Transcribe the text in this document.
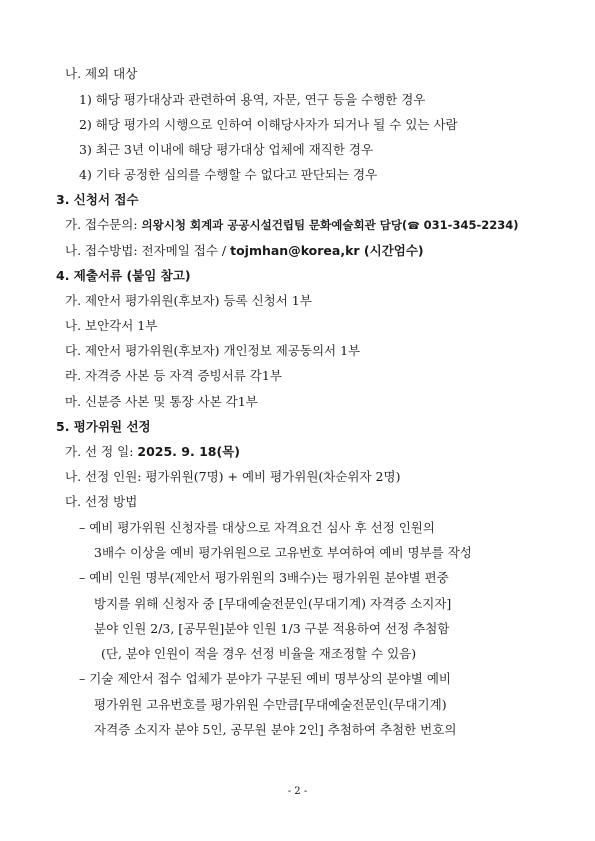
나. 제외 대상
1) 해당 평가대상과 관련하여 용역, 자문, 연구 등을 수행한 경우
2) 해당 평가의 시행으로 인하여 이해당사자가 되거나 될 수 있는 사람
3) 최근 3년 이내에 해당 평가대상 업체에 재직한 경우
4) 기타 공정한 심의를 수행할 수 없다고 판단되는 경우
3. 신청서 접수
가. 접수문의: 의왕시청 회계과 공공시설건립팀 문화예술회관 담당(☎ 031-345-2234)
나. 접수방법: 전자메일 접수 / tojmhan@korea,kr (시간엄수)
4. 제출서류 (붙임 참고)
가. 제안서 평가위원(후보자) 등록 신청서 1부
나. 보안각서 1부
다. 제안서 평가위원(후보자) 개인정보 제공동의서 1부
라. 자격증 사본 등 자격 증빙서류 각1부
마. 신분증 사본 및 통장 사본 각1부
5. 평가위원 선정
가. 선 정 일: 2025. 9. 18(목)
나. 선정 인원: 평가위원(7명) + 예비 평가위원(차순위자 2명)
다. 선정 방법
– 예비 평가위원 신청자를 대상으로 자격요건 심사 후 선정 인원의
3배수 이상을 예비 평가위원으로 고유번호 부여하여 예비 명부를 작성
– 예비 인원 명부(제안서 평가위원의 3배수)는 평가위원 분야별 편중
방지를 위해 신청자 중 [무대예술전문인(무대기계) 자격증 소지자]
분야 인원 2/3, [공무원]분야 인원 1/3 구분 적용하여 선정 추첨함
(단, 분야 인원이 적을 경우 선정 비율을 재조정할 수 있음)
– 기술 제안서 접수 업체가 분야가 구분된 예비 명부상의 분야별 예비
평가위원 고유번호를 평가위원 수만큼[무대예술전문인(무대기계)
자격증 소지자 분야 5인, 공무원 분야 2인] 추첨하여 추첨한 번호의
- 2 -
